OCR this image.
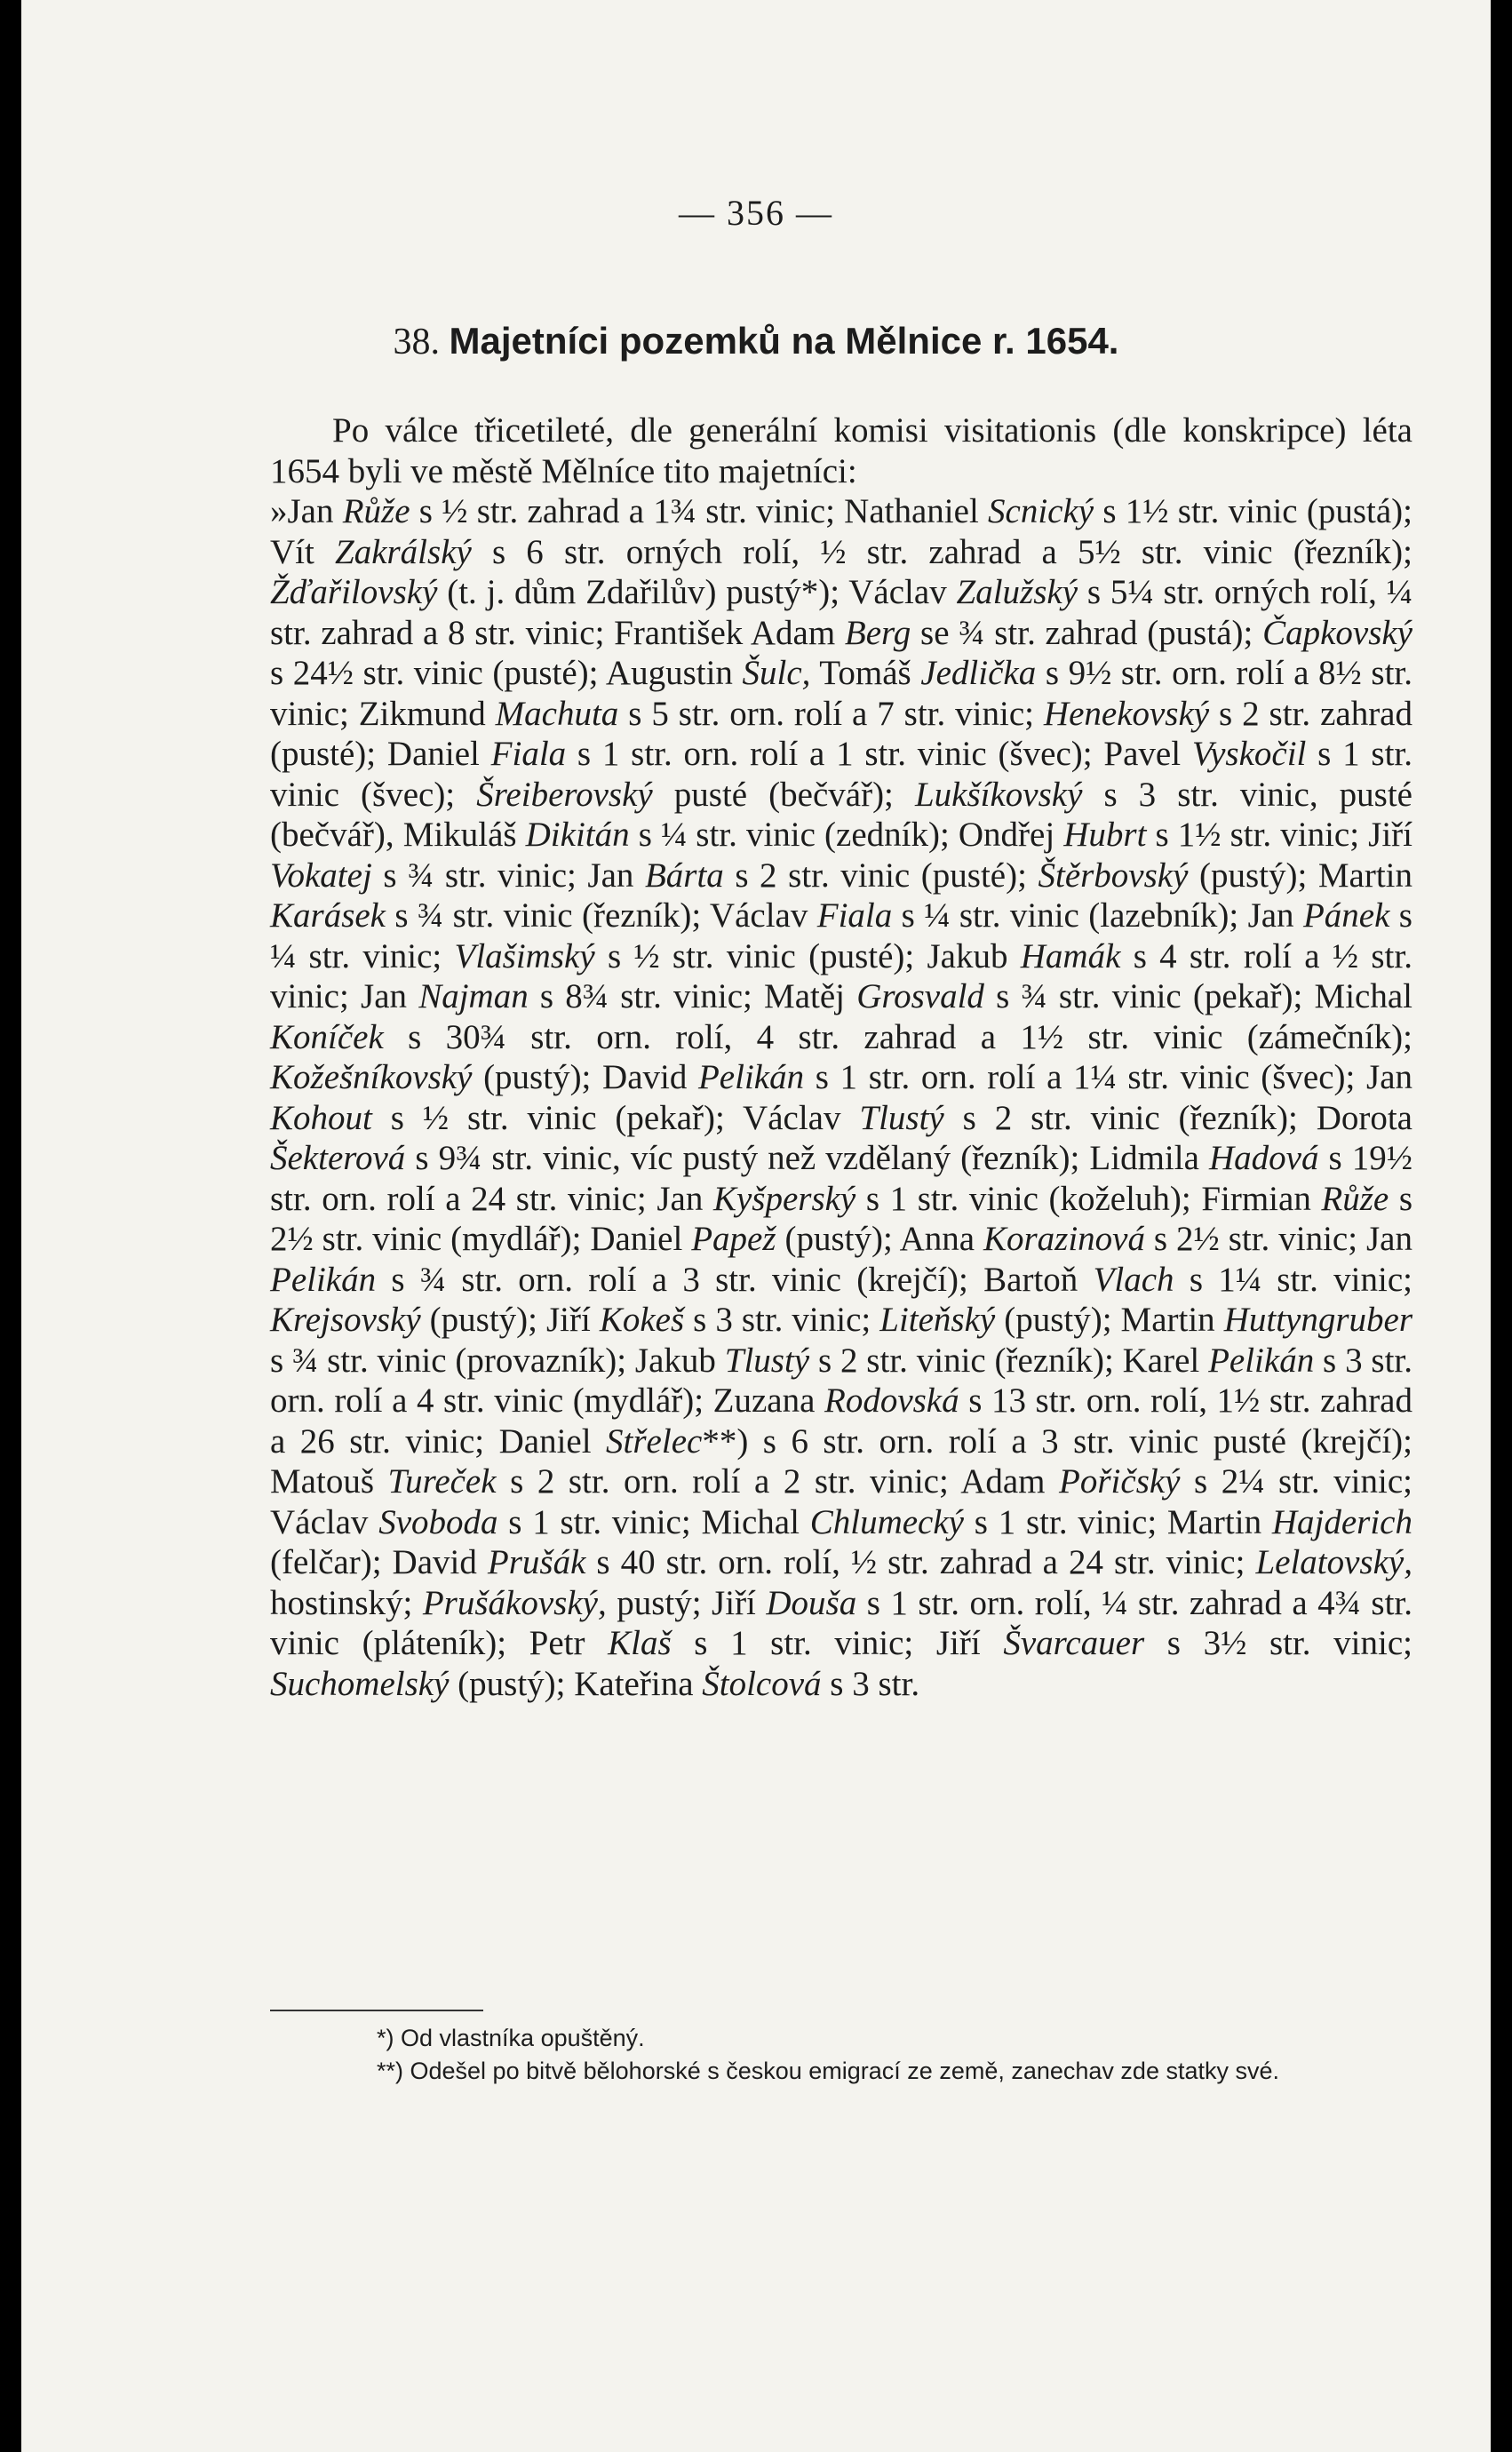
— 356 —
38. Majetníci pozemků na Mělnice r. 1654.

Po válce třicetileté, dle generální komisi visitationis (dle konskripce) léta 1654 byli ve městě Mělníce tito majetníci:

»Jan Růže s ½ str. zahrad a 1¾ str. vinic; Nathaniel Scnický s 1½ str. vinic (pustá); Vít Zakrálský s 6 str. orných rolí, ½ str. zahrad a 5½ str. vinic (řezník); Žďařilovský (t. j. dům Zdařilův) pustý*); Václav Zalužský s 5¼ str. orných rolí, ¼ str. zahrad a 8 str. vinic; František Adam Berg se ¾ str. zahrad (pustá); Čapkovský s 24½ str. vinic (pusté); Augustin Šulc, Tomáš Jedlička s 9½ str. orn. rolí a 8½ str. vinic; Zikmund Machuta s 5 str. orn. rolí a 7 str. vinic; Henekovský s 2 str. zahrad (pusté); Daniel Fiala s 1 str. orn. rolí a 1 str. vinic (švec); Pavel Vyskočil s 1 str. vinic (švec); Šreiberovský pusté (bečvář); Lukšíkovský s 3 str. vinic, pusté (bečvář), Mikuláš Dikitán s ¼ str. vinic (zedník); Ondřej Hubrt s 1½ str. vinic; Jiří Vokatej s ¾ str. vinic; Jan Bárta s 2 str. vinic (pusté); Štěrbovský (pustý); Martin Karásek s ¾ str. vinic (řezník); Václav Fiala s ¼ str. vinic (lazebník); Jan Pánek s ¼ str. vinic; Vlašimský s ½ str. vinic (pusté); Jakub Hamák s 4 str. rolí a ½ str. vinic; Jan Najman s 8¾ str. vinic; Matěj Grosvald s ¾ str. vinic (pekař); Michal Koníček s 30¾ str. orn. rolí, 4 str. zahrad a 1½ str. vinic (zámečník); Kožešníkovský (pustý); David Pelikán s 1 str. orn. rolí a 1¼ str. vinic (švec); Jan Kohout s ½ str. vinic (pekař); Václav Tlustý s 2 str. vinic (řezník); Dorota Šekterová s 9¾ str. vinic, víc pustý než vzdělaný (řezník); Lidmila Hadová s 19½ str. orn. rolí a 24 str. vinic; Jan Kyšperský s 1 str. vinic (koželuh); Firmian Růže s 2½ str. vinic (mydlář); Daniel Papež (pustý); Anna Korazinová s 2½ str. vinic; Jan Pelikán s ¾ str. orn. rolí a 3 str. vinic (krejčí); Bartoň Vlach s 1¼ str. vinic; Krejsovský (pustý); Jiří Kokeš s 3 str. vinic; Liteňský (pustý); Martin Huttyngruber s ¾ str. vinic (provazník); Jakub Tlustý s 2 str. vinic (řezník); Karel Pelikán s 3 str. orn. rolí a 4 str. vinic (mydlář); Zuzana Rodovská s 13 str. orn. rolí, 1½ str. zahrad a 26 str. vinic; Daniel Střelec**) s 6 str. orn. rolí a 3 str. vinic pusté (krejčí); Matouš Tureček s 2 str. orn. rolí a 2 str. vinic; Adam Pořičský s 2¼ str. vinic; Václav Svoboda s 1 str. vinic; Michal Chlumecký s 1 str. vinic; Martin Hajderich (felčar); David Prušák s 40 str. orn. rolí, ½ str. zahrad a 24 str. vinic; Lelatovský, hostinský; Prušákovský, pustý; Jiří Douša s 1 str. orn. rolí, ¼ str. zahrad a 4¾ str. vinic (pláteník); Petr Klaš s 1 str. vinic; Jiří Švarcauer s 3½ str. vinic; Suchomelský (pustý); Kateřina Štolcová s 3 str.

*) Od vlastníka opuštěný.

**) Odešel po bitvě bělohorské s českou emigrací ze země, zanechav zde statky své.
